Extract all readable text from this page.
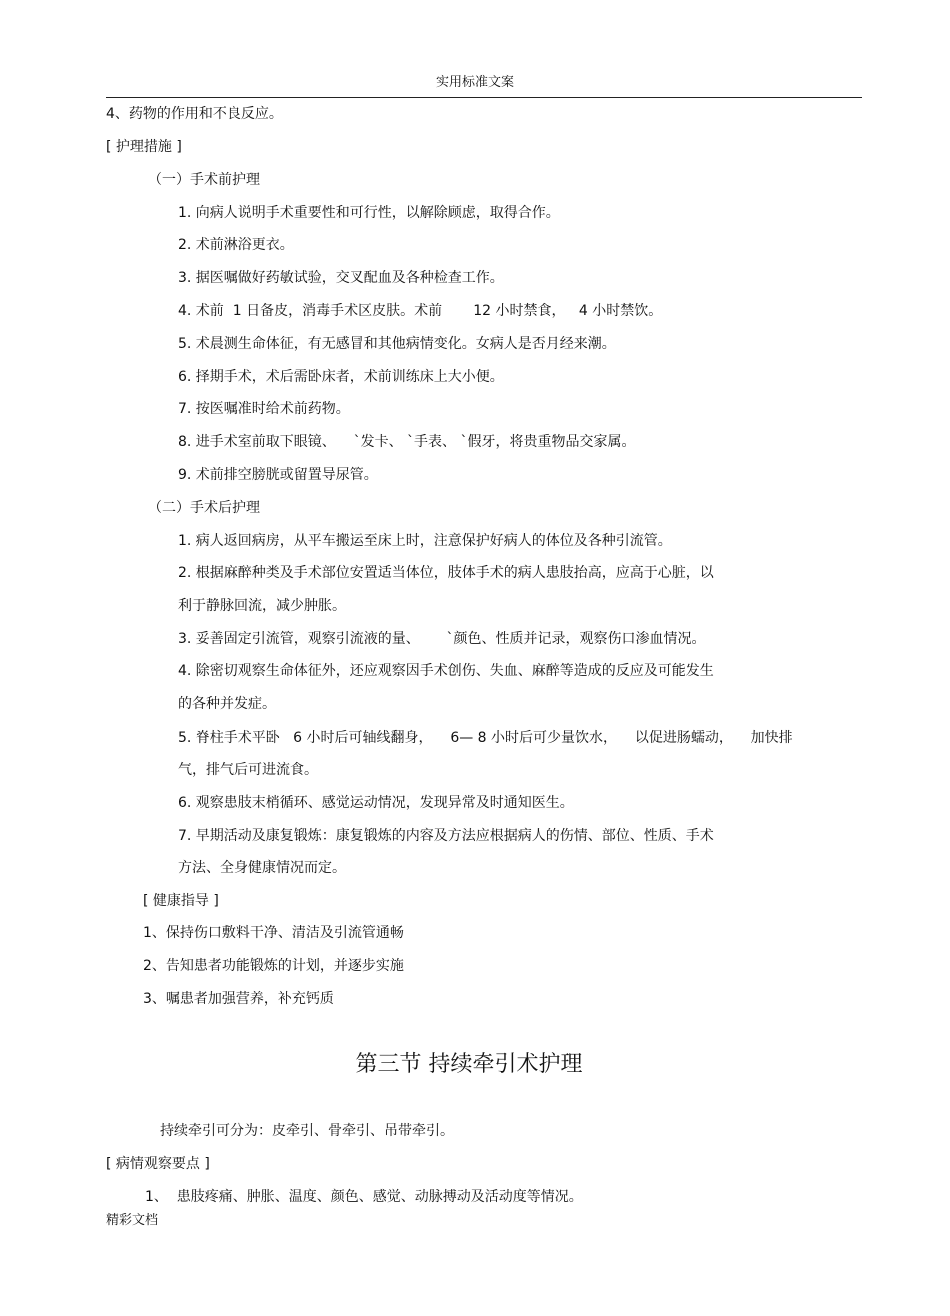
实用标准文案
4、药物的作用和不良反应。
[ 护理措施 ]
（一）手术前护理
1. 向病人说明手术重要性和可行性，以解除顾虑，取得合作。
2. 术前淋浴更衣。
3. 据医嘱做好药敏试验，交叉配血及各种检查工作。
4. 术前  1 日备皮，消毒手术区皮肤。术前       12 小时禁食，   4 小时禁饮。
5. 术晨测生命体征，有无感冒和其他病情变化。女病人是否月经来潮。
6. 择期手术，术后需卧床者，术前训练床上大小便。
7. 按医嘱准时给术前药物。
8. 进手术室前取下眼镜、    `发卡、 `手表、 `假牙，将贵重物品交家属。
9. 术前排空膀胱或留置导尿管。
（二）手术后护理
1. 病人返回病房，从平车搬运至床上时，注意保护好病人的体位及各种引流管。
2. 根据麻醉种类及手术部位安置适当体位，肢体手术的病人患肢抬高，应高于心脏，以
利于静脉回流，减少肿胀。
3. 妥善固定引流管，观察引流液的量、      `颜色、性质并记录，观察伤口渗血情况。
4. 除密切观察生命体征外，还应观察因手术创伤、失血、麻醉等造成的反应及可能发生
的各种并发症。
5. 脊柱手术平卧   6 小时后可轴线翻身，    6— 8 小时后可少量饮水，    以促进肠蠕动，    加快排
气，排气后可进流食。
6. 观察患肢末梢循环、感觉运动情况，发现异常及时通知医生。
7. 早期活动及康复锻炼：康复锻炼的内容及方法应根据病人的伤情、部位、性质、手术
方法、全身健康情况而定。
[ 健康指导 ]
1、保持伤口敷料干净、清洁及引流管通畅
2、告知患者功能锻炼的计划，并逐步实施
3、嘱患者加强营养，补充钙质
第三节 持续牵引术护理
持续牵引可分为：皮牵引、骨牵引、吊带牵引。
[ 病情观察要点 ]
1、  患肢疼痛、肿胀、温度、颜色、感觉、动脉搏动及活动度等情况。
精彩文档
